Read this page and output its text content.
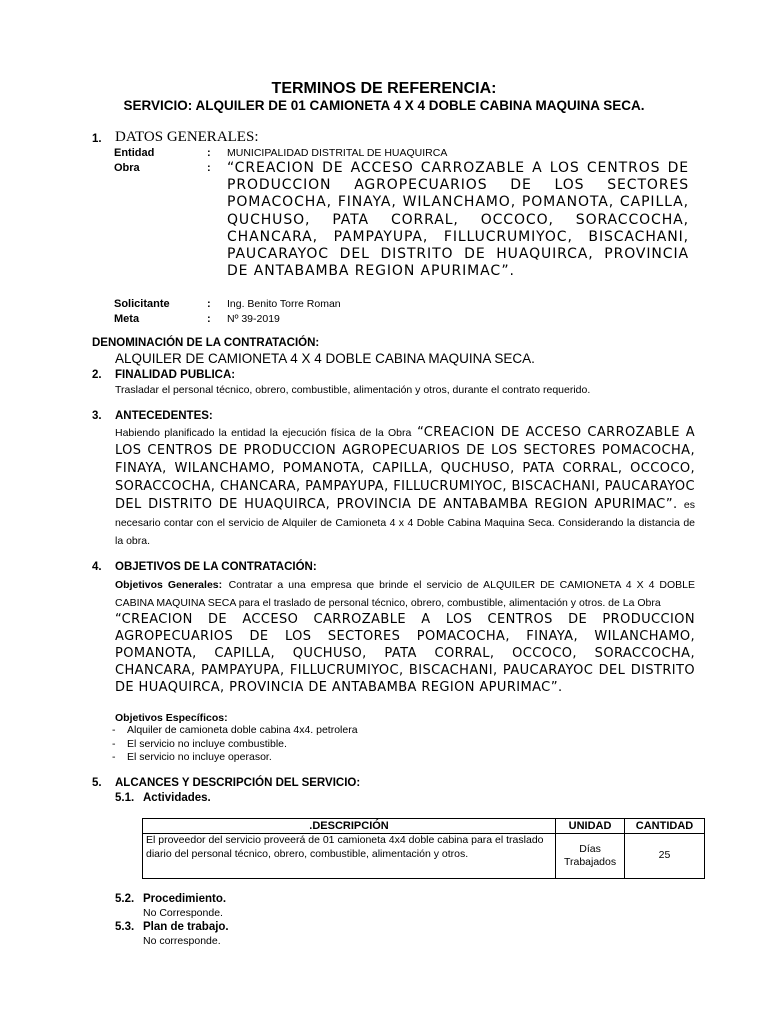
TERMINOS DE REFERENCIA:
SERVICIO: ALQUILER DE 01 CAMIONETA 4 X 4 DOBLE CABINA MAQUINA SECA.
1. DATOS GENERALES:
Entidad	: MUNICIPALIDAD DISTRITAL DE HUAQUIRCA
Obra	: “CREACION DE ACCESO CARROZABLE A LOS CENTROS DE PRODUCCION AGROPECUARIOS DE LOS SECTORES POMACOCHA, FINAYA, WILANCHAMO, POMANOTA, CAPILLA, QUCHUSO, PATA CORRAL, OCCOCO, SORACCOCHA, CHANCARA, PAMPAYUPA, FILLUCRUMIYOC, BISCACHANI, PAUCARAYOC DEL DISTRITO DE HUAQUIRCA, PROVINCIA DE ANTABAMBA REGION APURIMAC”.
Solicitante	: Ing. Benito Torre Roman
Meta	: Nº 39-2019
DENOMINACIÓN DE LA CONTRATACIÓN:
ALQUILER DE CAMIONETA 4 X 4 DOBLE CABINA MAQUINA SECA.
2. FINALIDAD PUBLICA:
Trasladar el personal técnico, obrero, combustible, alimentación y otros, durante el contrato requerido.
3. ANTECEDENTES:
Habiendo planificado la entidad la ejecución física de la Obra “CREACION DE ACCESO CARROZABLE A LOS CENTROS DE PRODUCCION AGROPECUARIOS DE LOS SECTORES POMACOCHA, FINAYA, WILANCHAMO, POMANOTA, CAPILLA, QUCHUSO, PATA CORRAL, OCCOCO, SORACCOCHA, CHANCARA, PAMPAYUPA, FILLUCRUMIYOC, BISCACHANI, PAUCARAYOC DEL DISTRITO DE HUAQUIRCA, PROVINCIA DE ANTABAMBA REGION APURIMAC”. es necesario contar con el servicio de Alquiler de Camioneta 4 x 4 Doble Cabina Maquina Seca. Considerando la distancia de la obra.
4. OBJETIVOS DE LA CONTRATACIÓN:
Objetivos Generales: Contratar a una empresa que brinde el servicio de ALQUILER DE CAMIONETA 4 X 4 DOBLE CABINA MAQUINA SECA para el traslado de personal técnico, obrero, combustible, alimentación y otros. de La Obra
“CREACION DE ACCESO CARROZABLE A LOS CENTROS DE PRODUCCION AGROPECUARIOS DE LOS SECTORES POMACOCHA, FINAYA, WILANCHAMO, POMANOTA, CAPILLA, QUCHUSO, PATA CORRAL, OCCOCO, SORACCOCHA, CHANCARA, PAMPAYUPA, FILLUCRUMIYOC, BISCACHANI, PAUCARAYOC DEL DISTRITO DE HUAQUIRCA, PROVINCIA DE ANTABAMBA REGION APURIMAC”.
Objetivos Específicos:
- Alquiler de camioneta doble cabina 4x4. petrolera
- El servicio no incluye combustible.
- El servicio no incluye operasor.
5. ALCANCES Y DESCRIPCIÓN DEL SERVICIO:
5.1. Actividades.
.DESCRIPCIÓN	UNIDAD	CANTIDAD
El proveedor del servicio proveerá de 01 camioneta 4x4 doble cabina para el traslado diario del personal técnico, obrero, combustible, alimentación y otros.	Días Trabajados	25
5.2. Procedimiento.
No Corresponde.
5.3. Plan de trabajo.
No corresponde.
